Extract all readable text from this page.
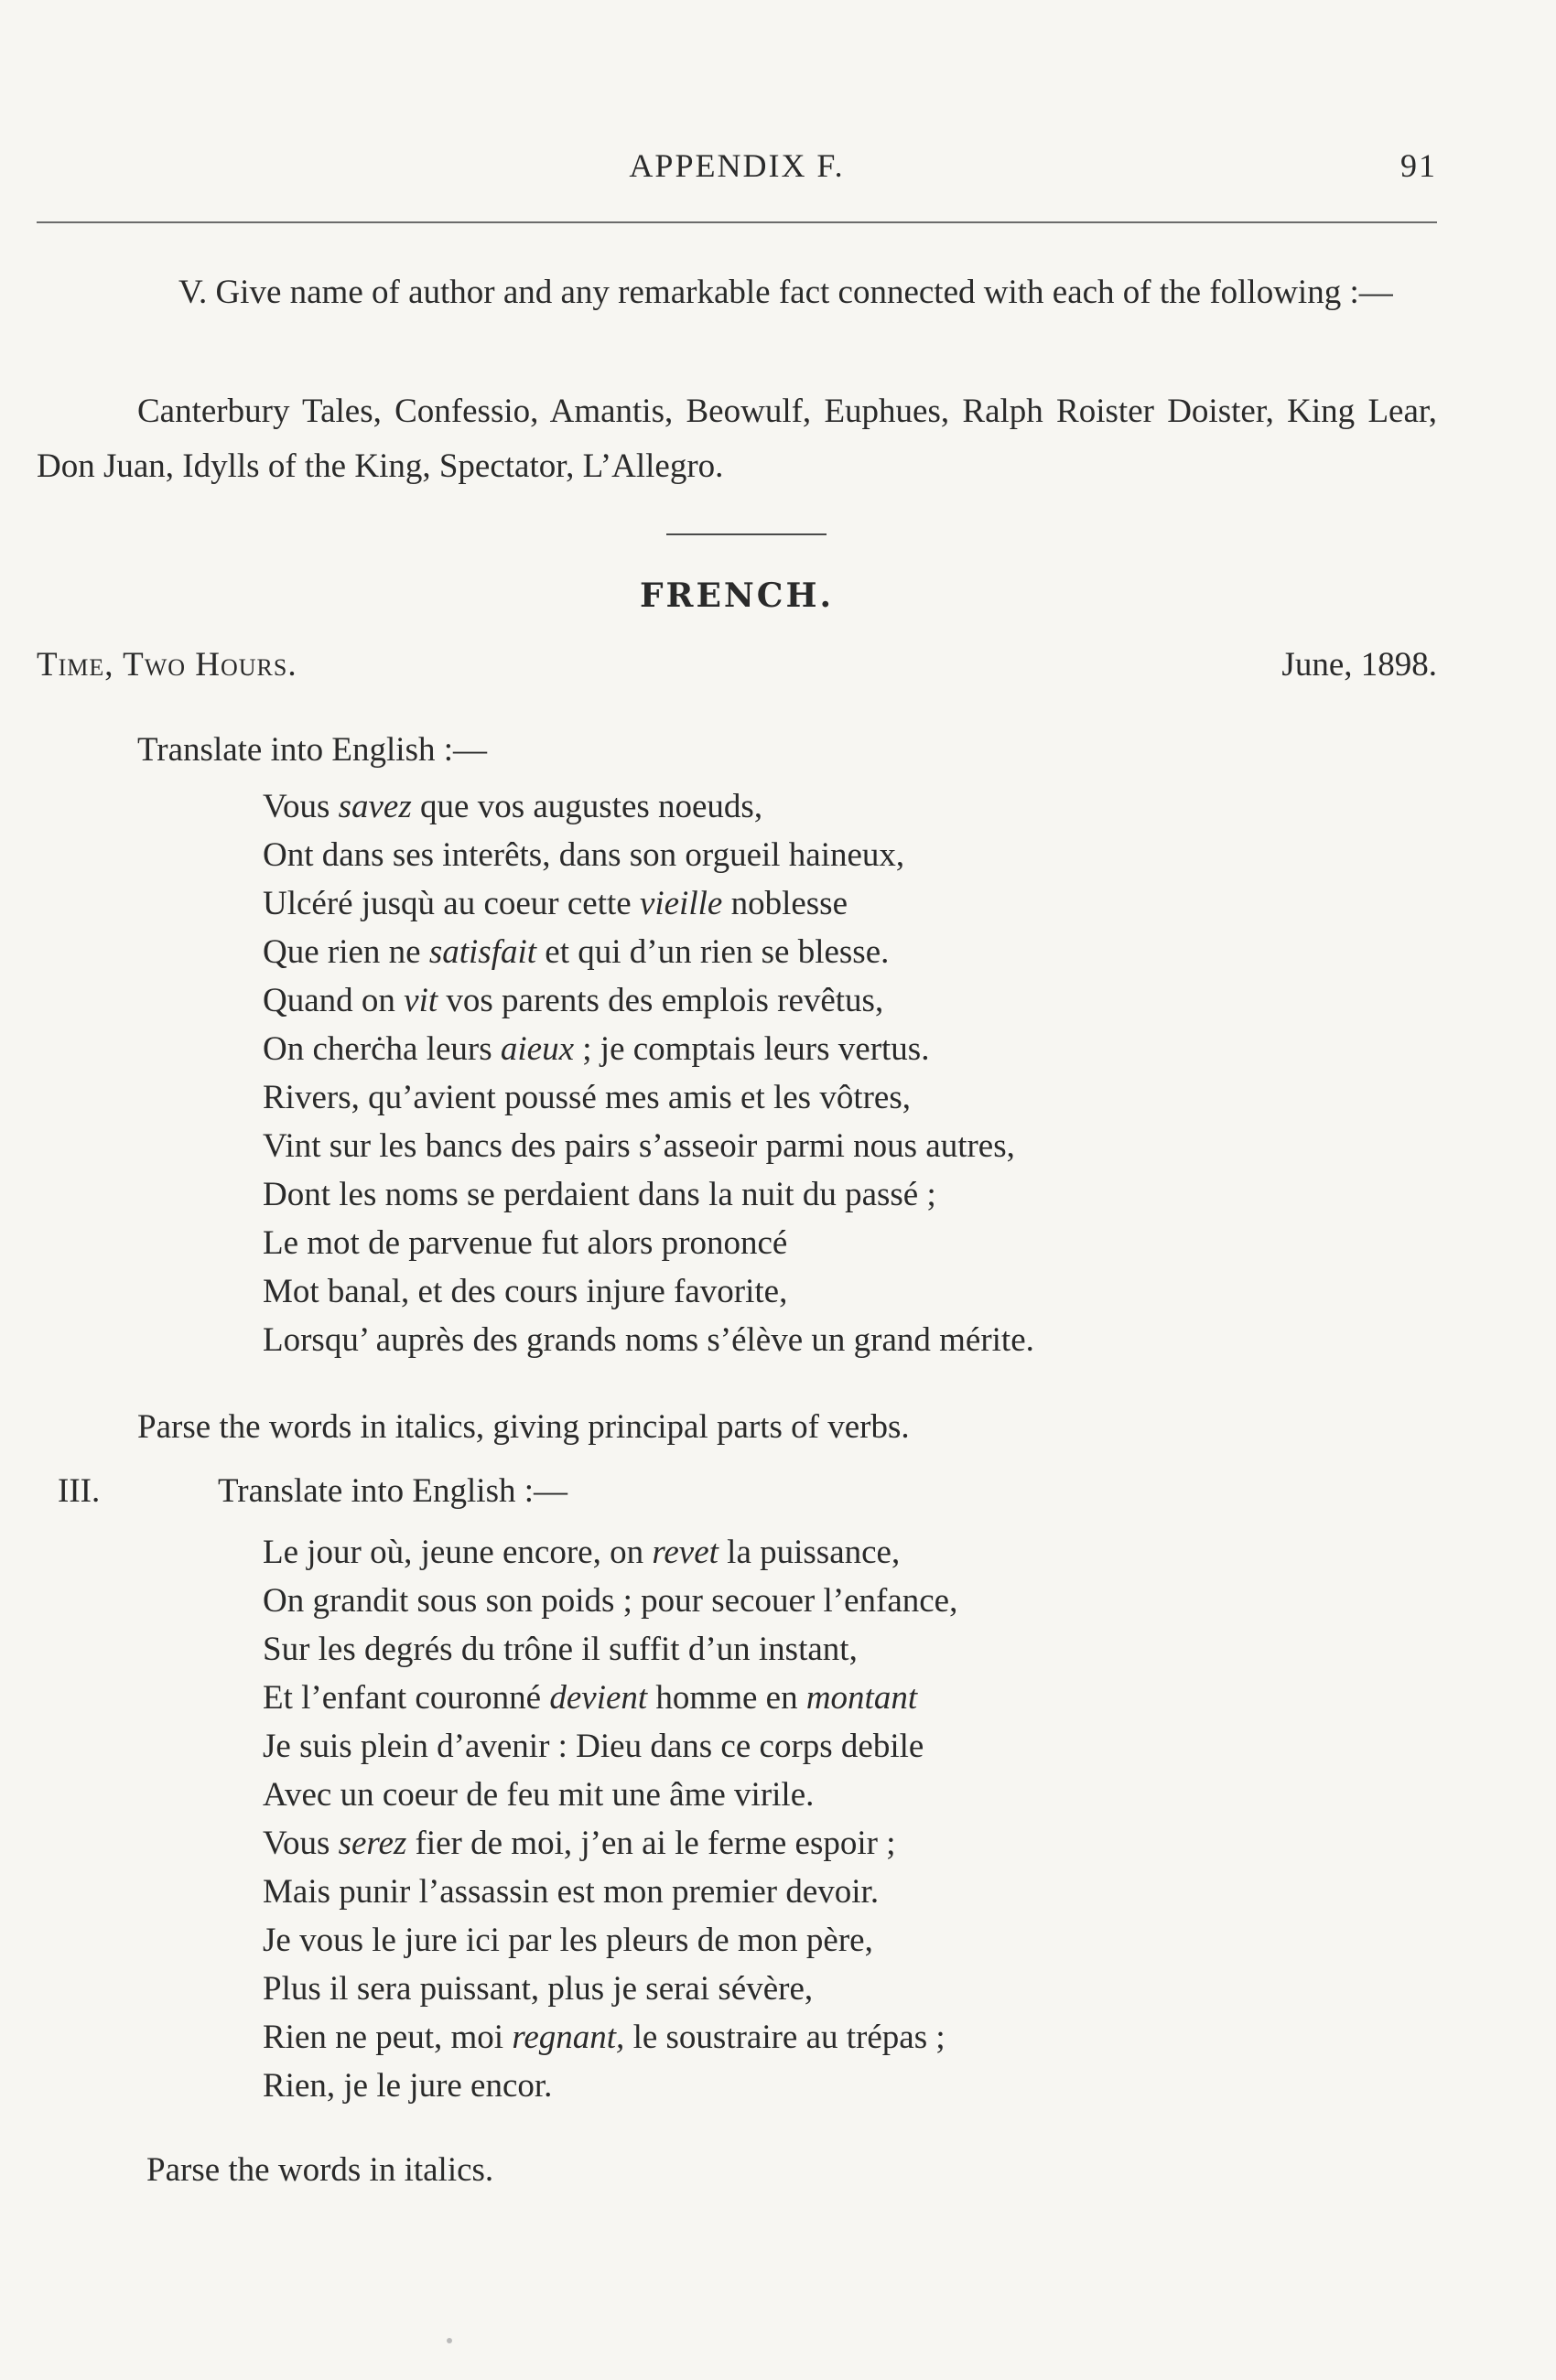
APPENDIX F.	91

V. Give name of author and any remarkable fact connected with each of the following :—

Canterbury Tales, Confessio, Amantis, Beowulf, Euphues, Ralph Roister Doister, King Lear, Don Juan, Idylls of the King, Spectator, L’Allegro.

FRENCH.
Time, Two Hours.	June, 1898.
Translate into English :—
Vous savez que vos augustes noeuds,
Ont dans ses interêts, dans son orgueil haineux,
Ulcéré jusqù au coeur cette vieille noblesse
Que rien ne satisfait et qui d’un rien se blesse.
Quand on vit vos parents des emplois revêtus,
On cherċha leurs aieux ; je comptais leurs vertus.
Rivers, qu’avient poussé mes amis et les vôtres,
Vint sur les bancs des pairs s’asseoir parmi nous autres,
Dont les noms se perdaient dans la nuit du passé ;
Le mot de parvenue fut alors prononcé
Mot banal, et des cours injure favorite,
Lorsqu’ auprès des grands noms s’élève un grand mérite.
Parse the words in italics, giving principal parts of verbs.
III.	Translate into English :—
Le jour où, jeune encore, on revet la puissance,
On grandit sous son poids ; pour secouer l’enfance,
Sur les degrés du trône il suffit d’un instant,
Et l’enfant couronné devient homme en montant
Je suis plein d’avenir : Dieu dans ce corps debile
Avec un coeur de feu mit une âme virile.
Vous serez fier de moi, j’en ai le ferme espoir ;
Mais punir l’assassin est mon premier devoir.
Je vous le jure ici par les pleurs de mon père,
Plus il sera puissant, plus je serai sévère,
Rien ne peut, moi regnant, le soustraire au trépas ;
Rien, je le jure encor.
Parse the words in italics.
